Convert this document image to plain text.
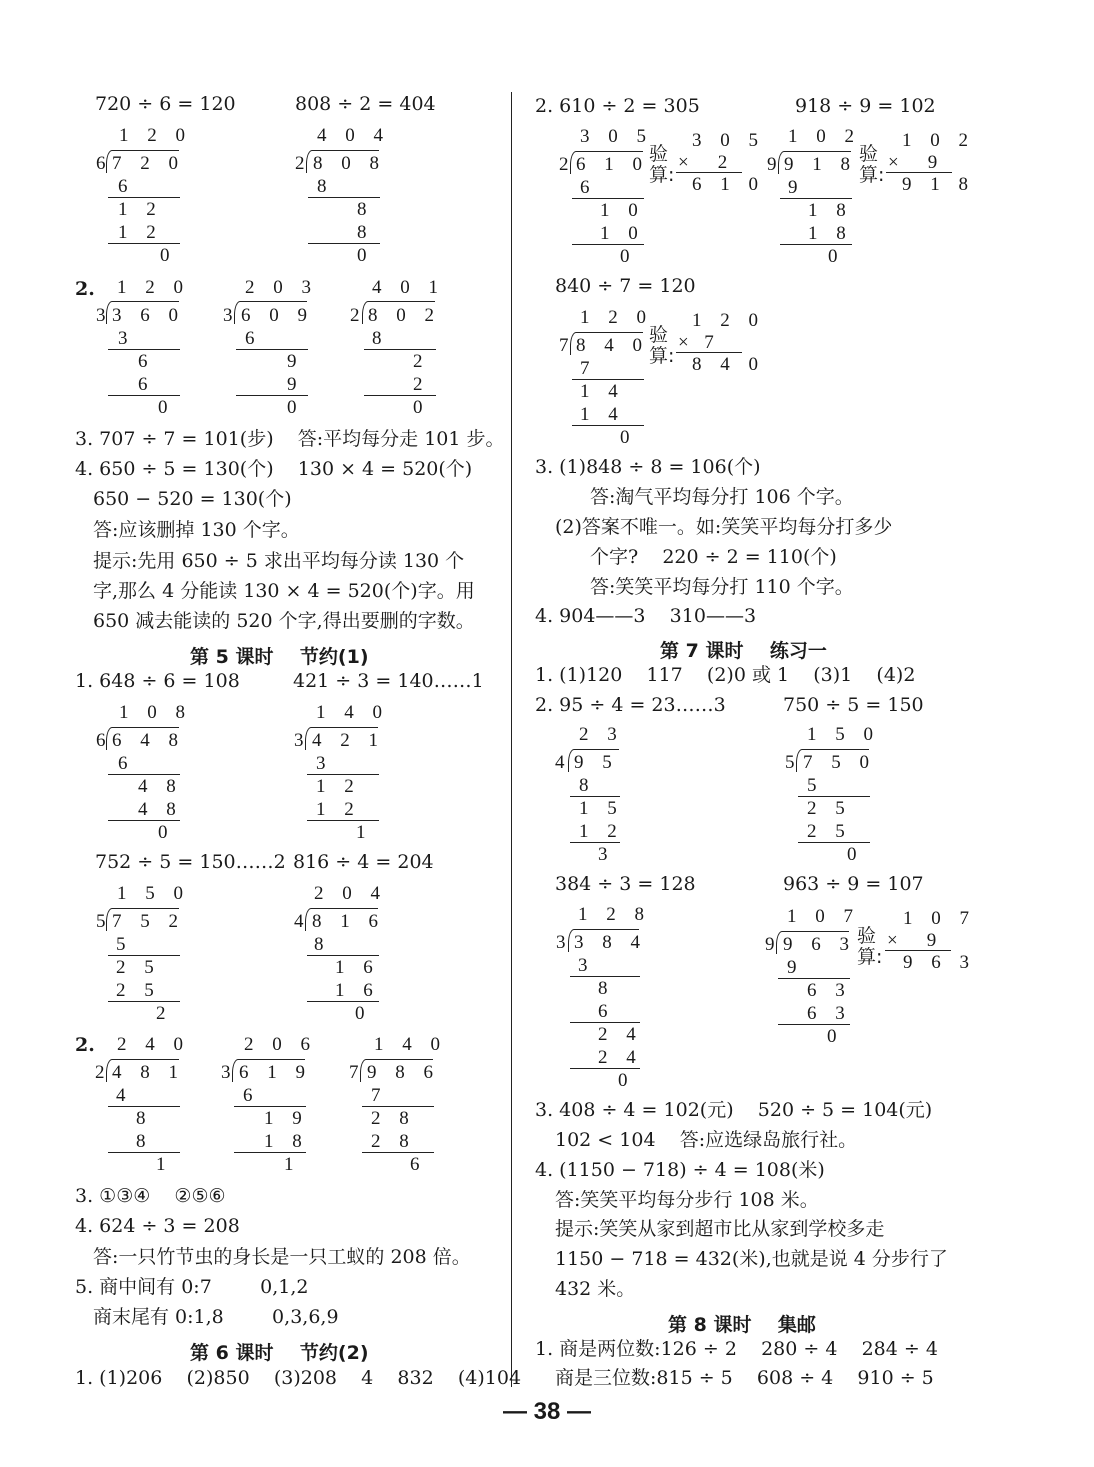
720 ÷ 6 = 120	808 ÷ 2 = 404
1 2 0
6 7 2 0
6
1 2
1 2
0
4 0 4
2 8 0 8
8
8
8
0
2. 1 2 0
3 3 6 0
3
6
6
0
2 0 3
3 6 0 9
6
9
9
0
4 0 1
2 8 0 2
8
2
2
0
3. 707 ÷ 7 = 101(步)    答:平均每分走 101 步。
4. 650 ÷ 5 = 130(个)    130 × 4 = 520(个)
650 − 520 = 130(个)
答:应该删掉 130 个字。
提示:先用 650 ÷ 5 求出平均每分读 130 个
字,那么 4 分能读 130 × 4 = 520(个)字。用
650 减去能读的 520 个字,得出要删的字数。
第 5 课时    节约(1)
1. 648 ÷ 6 = 108	421 ÷ 3 = 140……1
1 0 8
6 6 4 8
6
4 8
4 8
0
1 4 0
3 4 2 1
3
1 2
1 2
1
752 ÷ 5 = 150……2 816 ÷ 4 = 204
1 5 0
5 7 5 2
5
2 5
2 5
2
2 0 4
4 8 1 6
8
1 6
1 6
0
2. 2 4 0
2 4 8 1
4
8
8
1
2 0 6
3 6 1 9
6
1 9
1 8
1
1 4 0
7 9 8 6
7
2 8
2 8
6
3. ①③④    ②⑤⑥
4. 624 ÷ 3 = 208
答:一只竹节虫的身长是一只工蚁的 208 倍。
5. 商中间有 0:7        0,1,2
商末尾有 0:1,8        0,3,6,9
第 6 课时    节约(2)
1. (1)206    (2)850    (3)208    4    832    (4)104
2. 610 ÷ 2 = 305	918 ÷ 9 = 102
3 0 5
2 6 1 0
6
1 0
1 0
0
验算:
3 0 5
×    2
6 1 0
1 0 2
9 9 1 8
9
1 8
1 8
0
验算:
1 0 2
×    9
9 1 8
840 ÷ 7 = 120
1 2 0
7 8 4 0
7
1 4
1 4
0
验算:
1 2 0
×  7
8 4 0
3. (1)848 ÷ 8 = 106(个)
答:淘气平均每分打 106 个字。
(2)答案不唯一。如:笑笑平均每分打多少
个字?    220 ÷ 2 = 110(个)
答:笑笑平均每分打 110 个字。
4. 904——3    310——3
第 7 课时    练习一
1. (1)120    117    (2)0 或 1    (3)1    (4)2
2. 95 ÷ 4 = 23……3	750 ÷ 5 = 150
2 3
4 9 5
8
1 5
1 2
3
1 5 0
5 7 5 0
5
2 5
2 5
0
384 ÷ 3 = 128	963 ÷ 9 = 107
1 2 8
3 3 8 4
3
8
6
2 4
2 4
0
1 0 7
9 9 6 3
9
6 3
6 3
0
验算:
1 0 7
×    9
9 6 3
3. 408 ÷ 4 = 102(元)    520 ÷ 5 = 104(元)
102 < 104    答:应选绿岛旅行社。
4. (1150 − 718) ÷ 4 = 108(米)
答:笑笑平均每分步行 108 米。
提示:笑笑从家到超市比从家到学校多走
1150 − 718 = 432(米),也就是说 4 分步行了
432 米。
第 8 课时    集邮
1. 商是两位数:126 ÷ 2    280 ÷ 4    284 ÷ 4
商是三位数:815 ÷ 5    608 ÷ 4    910 ÷ 5
— 38 —
